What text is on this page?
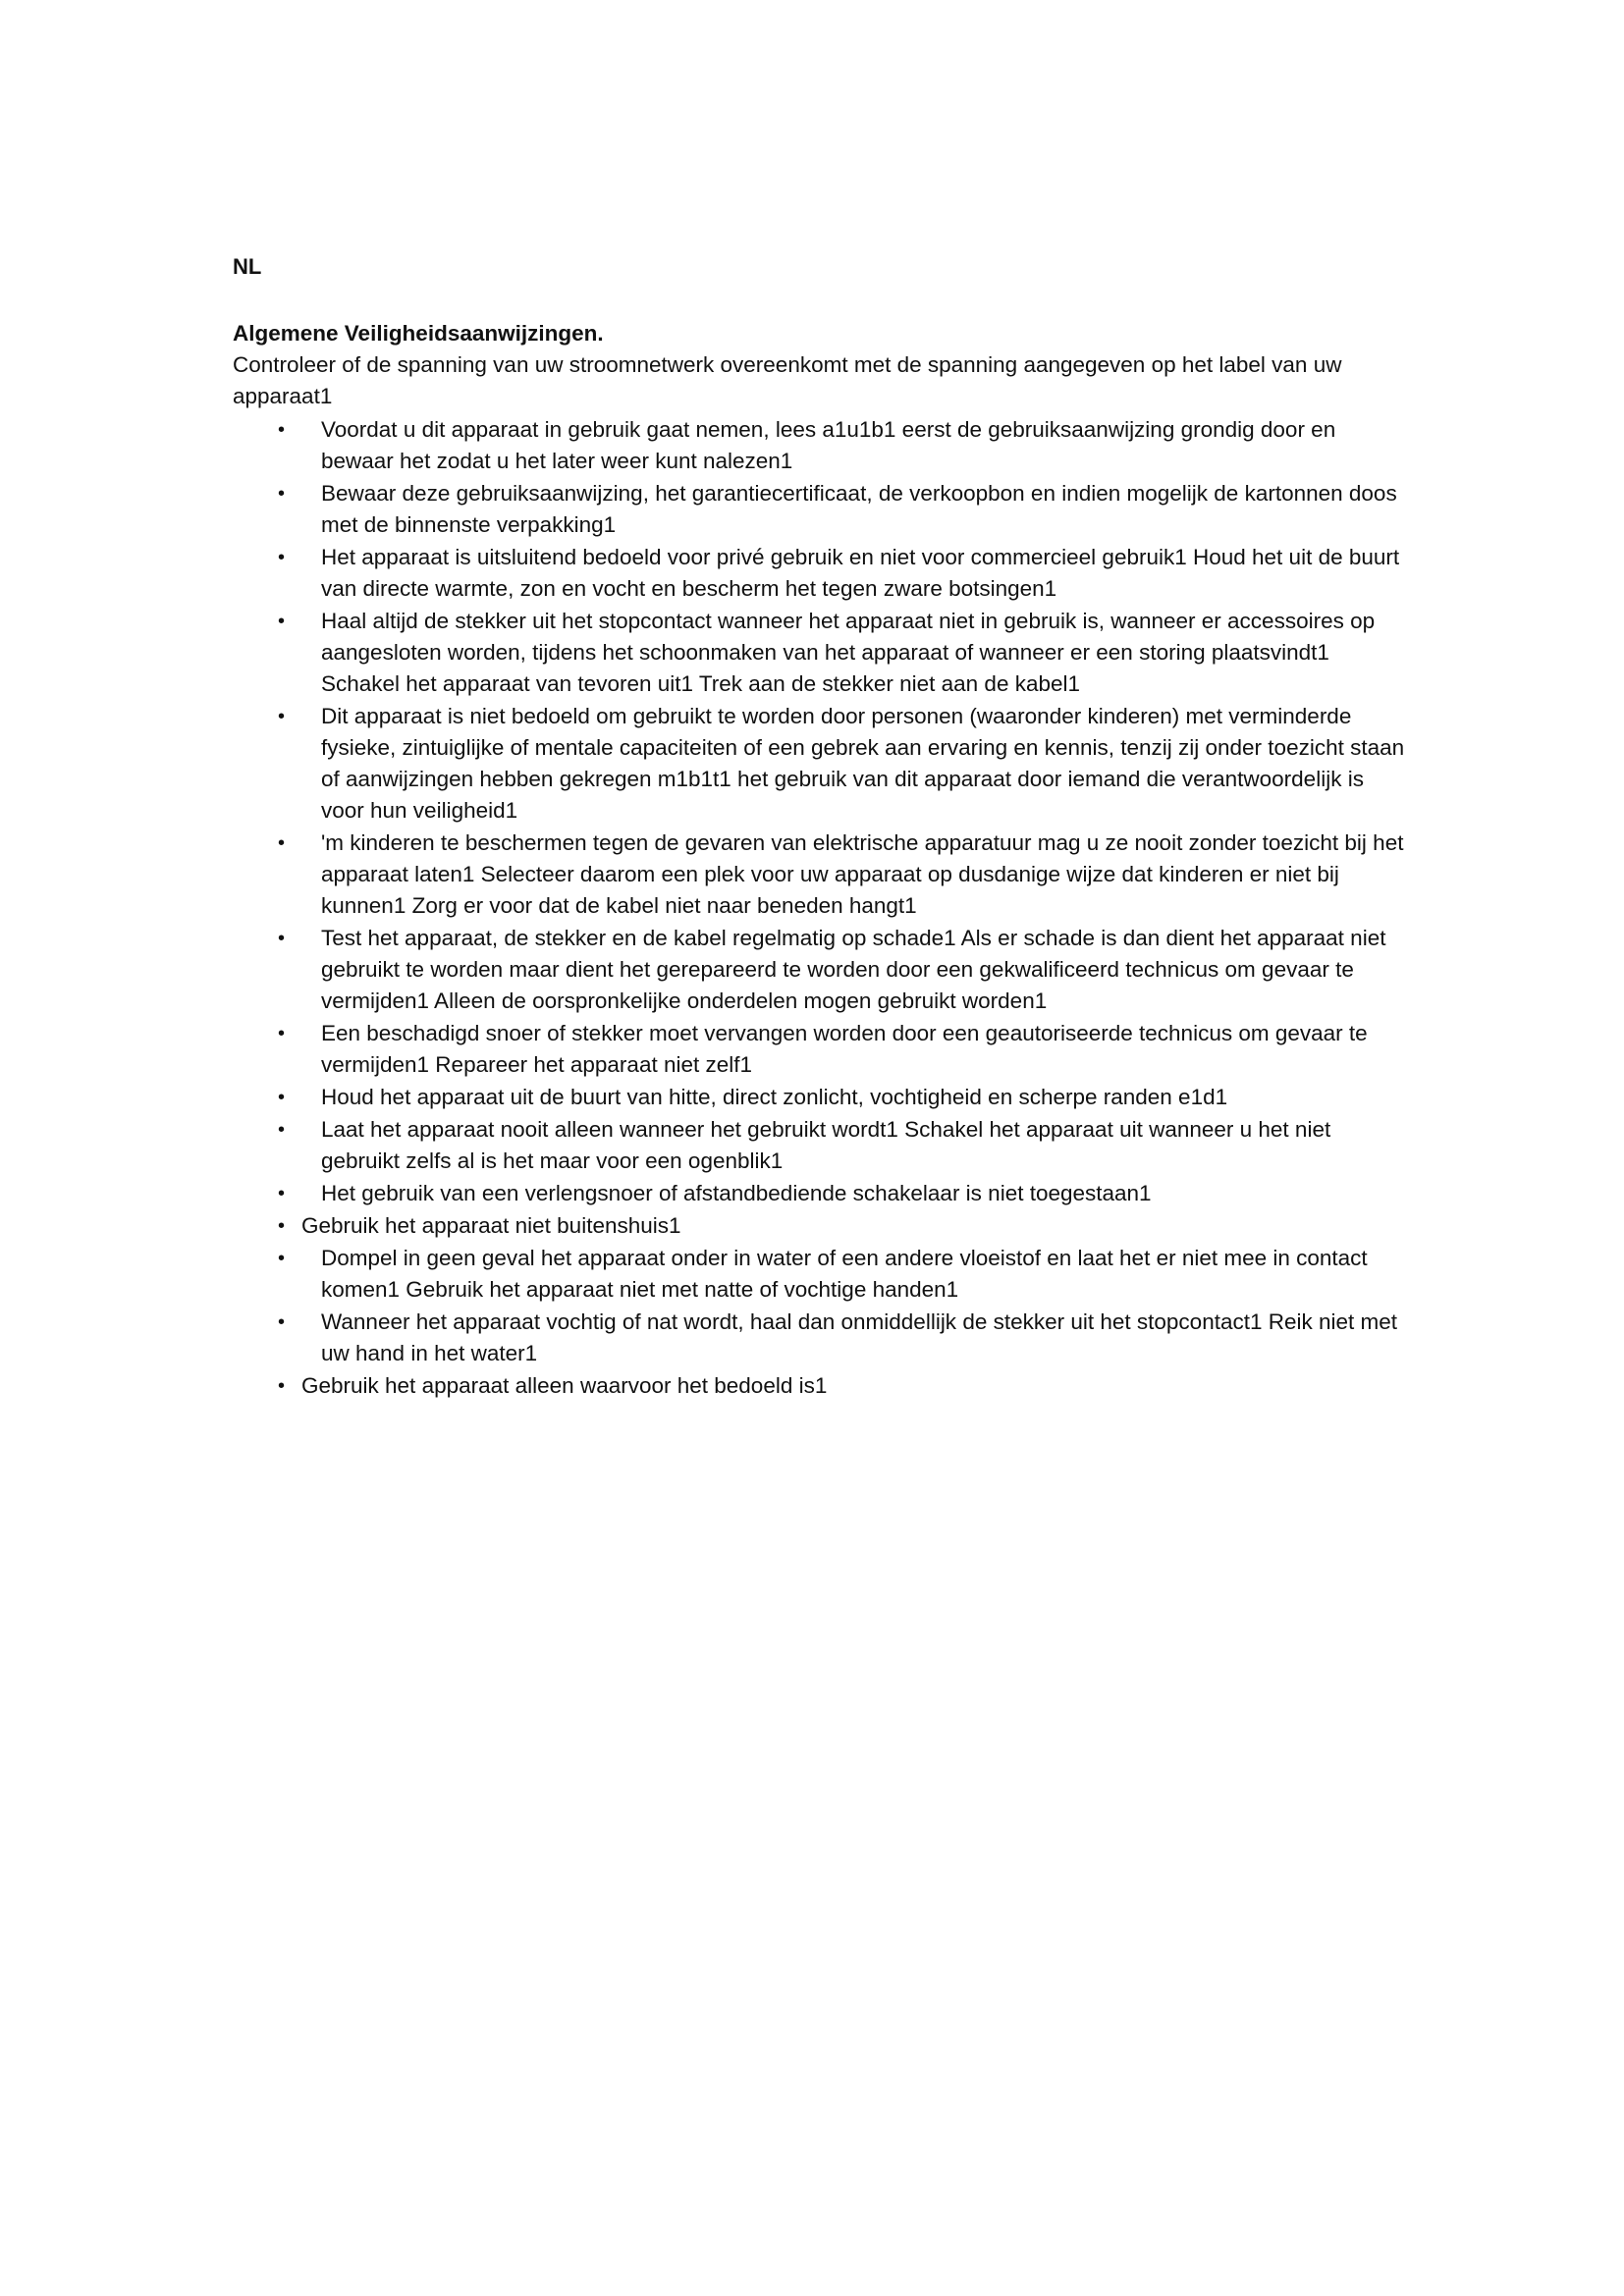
NL

Algemene Veiligheidsaanwijzingen.

Controleer of de spanning van uw stroomnetwerk overeenkomt met de spanning aangegeven op het label van uw apparaat1

• Voordat u dit apparaat in gebruik gaat nemen, lees a1u1b1 eerst de gebruiksaanwijzing grondig door en bewaar het zodat u het later weer kunt nalezen1
• Bewaar deze gebruiksaanwijzing, het garantiecertificaat, de verkoopbon en indien mogelijk de kartonnen doos met de binnenste verpakking1
• Het apparaat is uitsluitend bedoeld voor privé gebruik en niet voor commercieel gebruik1 Houd het uit de buurt van directe warmte, zon en vocht en bescherm het tegen zware botsingen1
• Haal altijd de stekker uit het stopcontact wanneer het apparaat niet in gebruik is, wanneer er accessoires op aangesloten worden, tijdens het schoonmaken van het apparaat of wanneer er een storing plaatsvindt1 Schakel het apparaat van tevoren uit1 Trek aan de stekker niet aan de kabel1
• Dit apparaat is niet bedoeld om gebruikt te worden door personen (waaronder kinderen) met verminderde fysieke, zintuiglijke of mentale capaciteiten of een gebrek aan ervaring en kennis, tenzij zij onder toezicht staan of aanwijzingen hebben gekregen m1b1t1 het gebruik van dit apparaat door iemand die verantwoordelijk is voor hun veiligheid1
• 'm kinderen te beschermen tegen de gevaren van elektrische apparatuur mag u ze nooit zonder toezicht bij het apparaat laten1 Selecteer daarom een plek voor uw apparaat op dusdanige wijze dat kinderen er niet bij kunnen1 Zorg er voor dat de kabel niet naar beneden hangt1
• Test het apparaat, de stekker en de kabel regelmatig op schade1 Als er schade is dan dient het apparaat niet gebruikt te worden maar dient het gerepareerd te worden door een gekwalificeerd technicus om gevaar te vermijden1 Alleen de oorspronkelijke onderdelen mogen gebruikt worden1
• Een beschadigd snoer of stekker moet vervangen worden door een geautoriseerde technicus om gevaar te vermijden1 Repareer het apparaat niet zelf1
• Houd het apparaat uit de buurt van hitte, direct zonlicht, vochtigheid en scherpe randen e1d1
• Laat het apparaat nooit alleen wanneer het gebruikt wordt1 Schakel het apparaat uit wanneer u het niet gebruikt zelfs al is het maar voor een ogenblik1
• Het gebruik van een verlengsnoer of afstandbediende schakelaar is niet toegestaan1
• Gebruik het apparaat niet buitenshuis1
• Dompel in geen geval het apparaat onder in water of een andere vloeistof en laat het er niet mee in contact komen1 Gebruik het apparaat niet met natte of vochtige handen1
• Wanneer het apparaat vochtig of nat wordt, haal dan onmiddellijk de stekker uit het stopcontact1 Reik niet met uw hand in het water1
• Gebruik het apparaat alleen waarvoor het bedoeld is1
